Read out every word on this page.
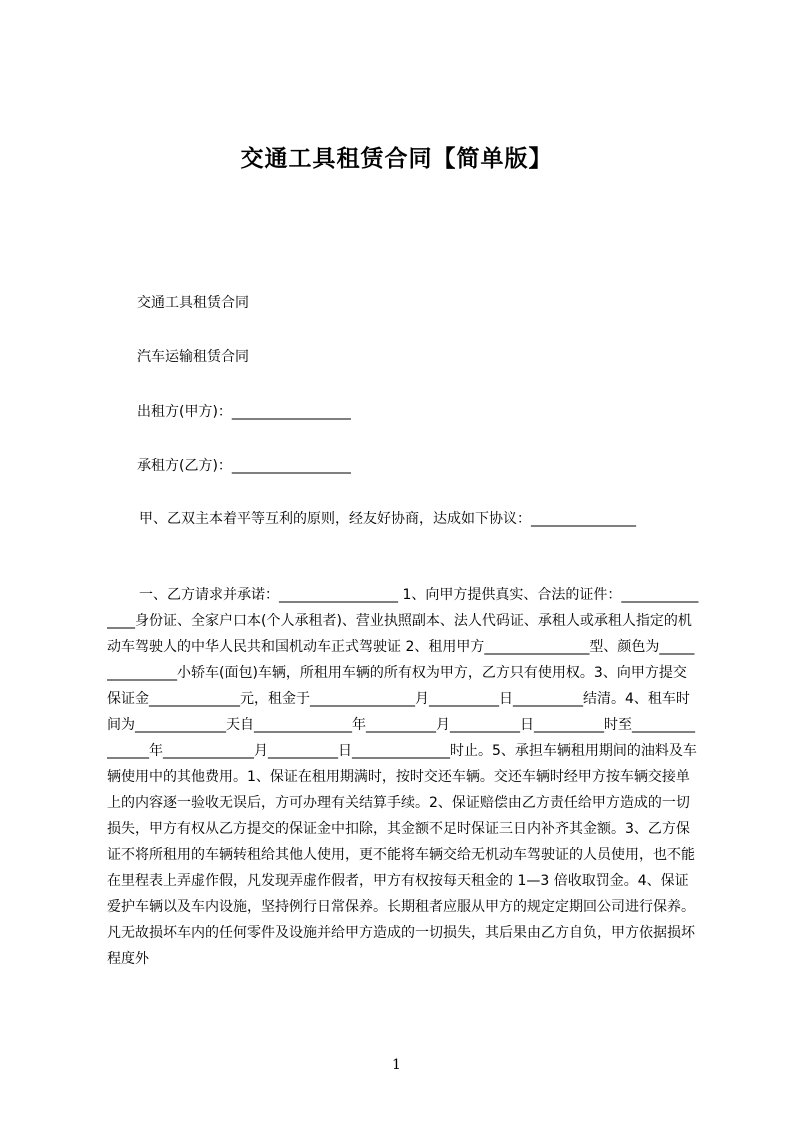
交通工具租赁合同【简单版】
交通工具租赁合同
汽车运输租赁合同
出租方(甲方)：_________________
承租方(乙方)：_________________
甲、乙双主本着平等互利的原则，经友好协商，达成如下协议：_______________
一、乙方请求并承诺：_________________ 1、向甲方提供真实、合法的证件：_______________身份证、全家户口本(个人承租者)、营业执照副本、法人代码证、承租人或承租人指定的机动车驾驶人的中华人民共和国机动车正式驾驶证 2、租用甲方_______________型、颜色为_______________小轿车(面包)车辆，所租用车辆的所有权为甲方，乙方只有使用权。3、向甲方提交保证金_____________元，租金于_______________月__________日__________结清。4、租车时间为_____________天自______________年__________月__________日__________时至_______________年_____________月__________日______________时止。5、承担车辆租用期间的油料及车辆使用中的其他费用。1、保证在租用期满时，按时交还车辆。交还车辆时经甲方按车辆交接单上的内容逐一验收无误后，方可办理有关结算手续。2、保证赔偿由乙方责任给甲方造成的一切损失，甲方有权从乙方提交的保证金中扣除，其金额不足时保证三日内补齐其金额。3、乙方保证不将所租用的车辆转租给其他人使用，更不能将车辆交给无机动车驾驶证的人员使用，也不能在里程表上弄虚作假，凡发现弄虚作假者，甲方有权按每天租金的 1—3 倍收取罚金。4、保证爱护车辆以及车内设施，坚持例行日常保养。长期租者应服从甲方的规定定期回公司进行保养。凡无故损坏车内的任何零件及设施并给甲方造成的一切损失，其后果由乙方自负，甲方依据损坏程度外
1
